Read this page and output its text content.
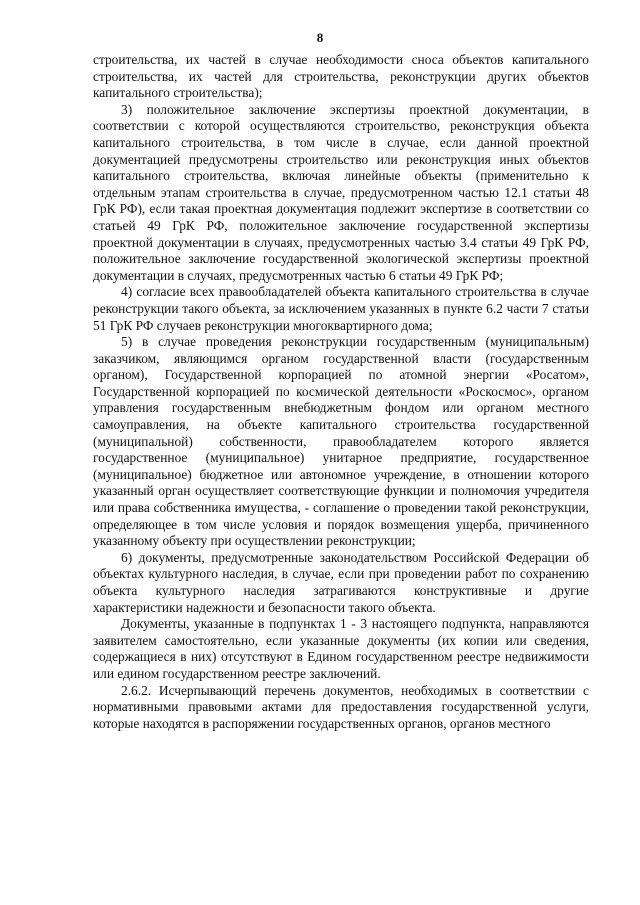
8

строительства, их частей в случае необходимости сноса объектов капитального строительства, их частей для строительства, реконструкции других объектов капитального строительства);

3) положительное заключение экспертизы проектной документации, в соответствии с которой осуществляются строительство, реконструкция объекта капитального строительства, в том числе в случае, если данной проектной документацией предусмотрены строительство или реконструкция иных объектов капитального строительства, включая линейные объекты (применительно к отдельным этапам строительства в случае, предусмотренном частью 12.1 статьи 48 ГрК РФ), если такая проектная документация подлежит экспертизе в соответствии со статьей 49 ГрК РФ, положительное заключение государственной экспертизы проектной документации в случаях, предусмотренных частью 3.4 статьи 49 ГрК РФ, положительное заключение государственной экологической экспертизы проектной документации в случаях, предусмотренных частью 6 статьи 49 ГрК РФ;

4) согласие всех правообладателей объекта капитального строительства в случае реконструкции такого объекта, за исключением указанных в пункте 6.2 части 7 статьи 51 ГрК РФ случаев реконструкции многоквартирного дома;

5) в случае проведения реконструкции государственным (муниципальным) заказчиком, являющимся органом государственной власти (государственным органом), Государственной корпорацией по атомной энергии «Росатом», Государственной корпорацией по космической деятельности «Роскосмос», органом управления государственным внебюджетным фондом или органом местного самоуправления, на объекте капитального строительства государственной (муниципальной) собственности, правообладателем которого является государственное (муниципальное) унитарное предприятие, государственное (муниципальное) бюджетное или автономное учреждение, в отношении которого указанный орган осуществляет соответствующие функции и полномочия учредителя или права собственника имущества, - соглашение о проведении такой реконструкции, определяющее в том числе условия и порядок возмещения ущерба, причиненного указанному объекту при осуществлении реконструкции;

6) документы, предусмотренные законодательством Российской Федерации об объектах культурного наследия, в случае, если при проведении работ по сохранению объекта культурного наследия затрагиваются конструктивные и другие характеристики надежности и безопасности такого объекта.

Документы, указанные в подпунктах 1 - 3 настоящего подпункта, направляются заявителем самостоятельно, если указанные документы (их копии или сведения, содержащиеся в них) отсутствуют в Едином государственном реестре недвижимости или едином государственном реестре заключений.

2.6.2. Исчерпывающий перечень документов, необходимых в соответствии с нормативными правовыми актами для предоставления государственной услуги, которые находятся в распоряжении государственных органов, органов местного
